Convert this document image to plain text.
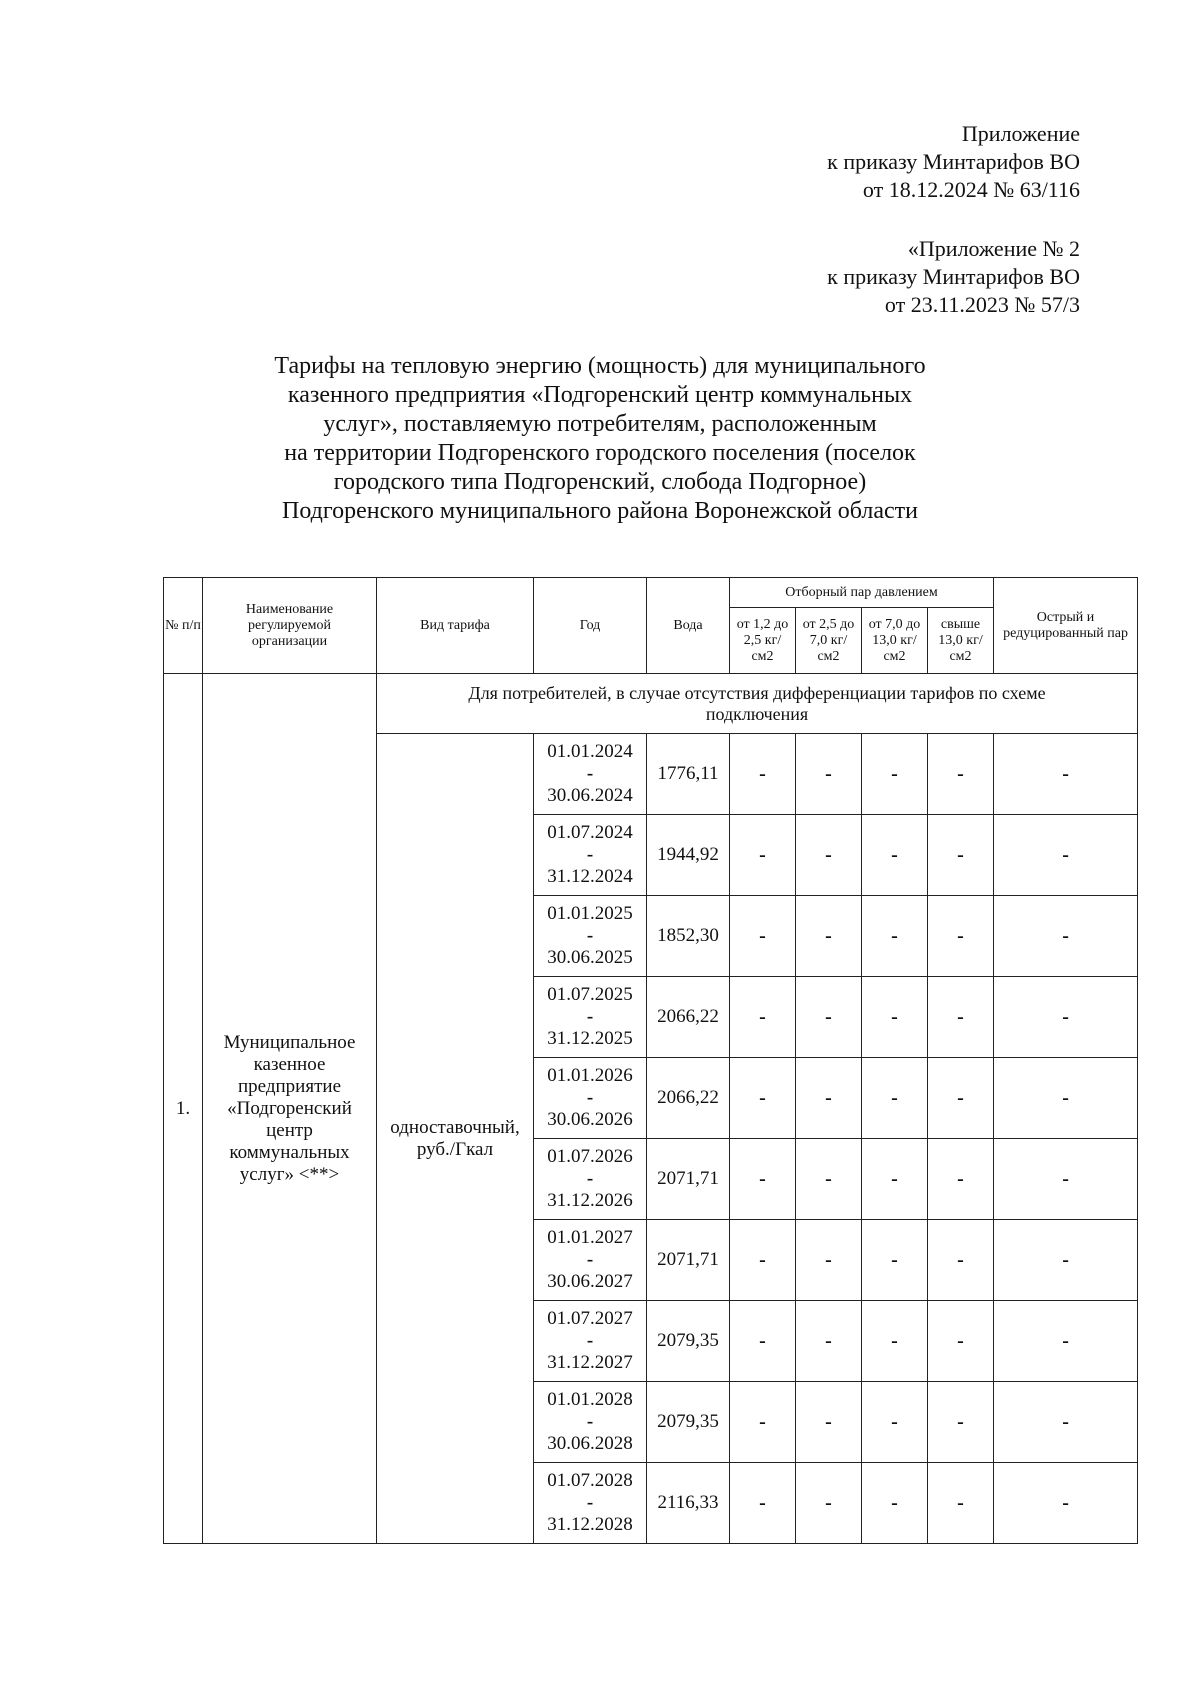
Приложение
к приказу Минтарифов ВО
от 18.12.2024 № 63/116
«Приложение № 2
к приказу Минтарифов ВО
от 23.11.2023 № 57/3
Тарифы на тепловую энергию (мощность) для муниципального
казенного предприятия «Подгоренский центр коммунальных
услуг», поставляемую потребителям, расположенным
на территории Подгоренского городского поселения (поселок
городского типа Подгоренский, слобода Подгорное)
Подгоренского муниципального района Воронежской области
№ п/п	Наименование регулируемой организации	Вид тарифа	Год	Вода	Отборный пар давлением				Острый и редуцированный пар
					от 1,2 до 2,5 кг/см2	от 2,5 до 7,0 кг/см2	от 7,0 до 13,0 кг/см2	свыше 13,0 кг/см2	
1.	Муниципальное казенное предприятие «Подгоренский центр коммунальных услуг» <**>	Для потребителей, в случае отсутствия дифференциации тарифов по схеме подключения							
		одноставочный, руб./Гкал	01.01.2024
-
30.06.2024	1776,11	-	-	-	-	-

			01.07.2024
-
31.12.2024	1944,92	-	-	-	-	-

			01.01.2025
-
30.06.2025	1852,30	-	-	-	-	-

			01.07.2025
-
31.12.2025	2066,22	-	-	-	-	-

			01.01.2026
-
30.06.2026	2066,22	-	-	-	-	-

			01.07.2026
-
31.12.2026	2071,71	-	-	-	-	-

			01.01.2027
-
30.06.2027	2071,71	-	-	-	-	-

			01.07.2027
-
31.12.2027	2079,35	-	-	-	-	-

			01.01.2028
-
30.06.2028	2079,35	-	-	-	-	-

			01.07.2028
-
31.12.2028	2116,33	-	-	-	-	-
